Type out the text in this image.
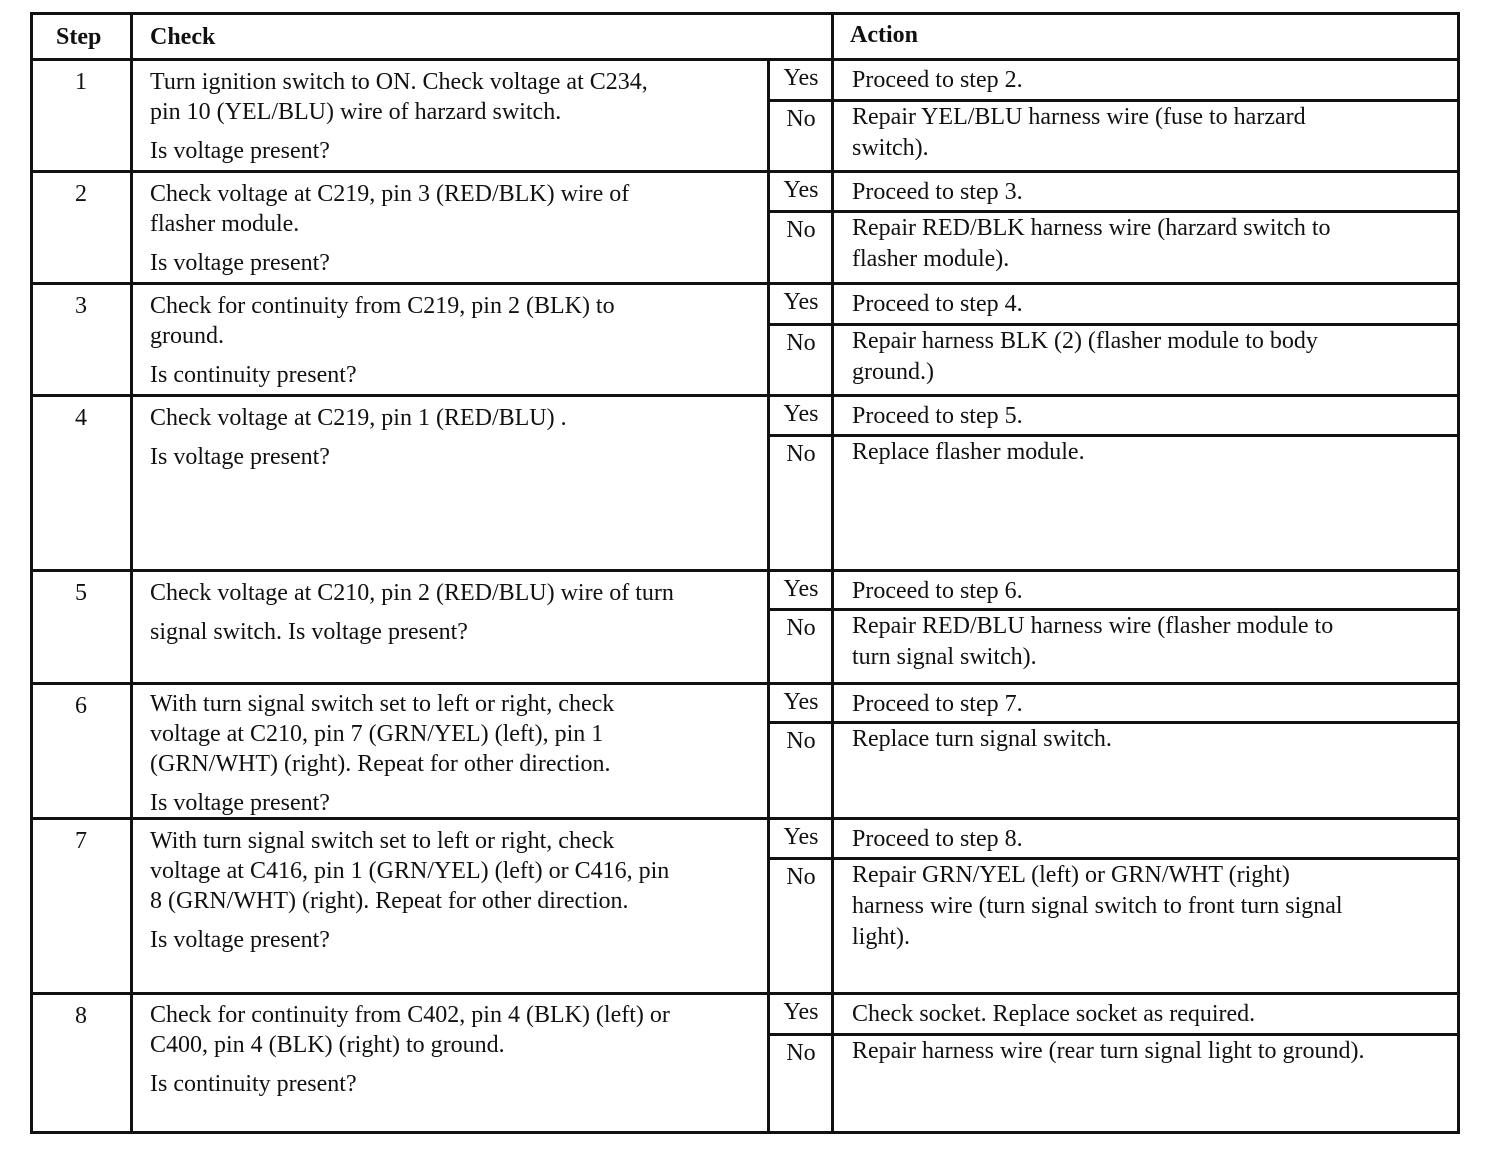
Step Check	Action
1	Turn ignition switch to ON. Check voltage at C234,
pin 10 (YEL/BLU) wire of harzard switch.
Is voltage present?
Yes	Proceed to step 2.
No	Repair YEL/BLU harness wire (fuse to harzard
switch).
2	Check voltage at C219, pin 3 (RED/BLK) wire of
flasher module.
Is voltage present?
Yes	Proceed to step 3.
No	Repair RED/BLK harness wire (harzard switch to
flasher module).
3	Check for continuity from C219, pin 2 (BLK) to
ground.
Is continuity present?
Yes	Proceed to step 4.
No	Repair harness BLK (2) (flasher module to body
ground.)
4	Check voltage at C219, pin 1 (RED/BLU) .
Is voltage present?
Yes	Proceed to step 5.
No	Replace flasher module.
5	Check voltage at C210, pin 2 (RED/BLU) wire of turn
signal switch. Is voltage present?
Yes	Proceed to step 6.
No	Repair RED/BLU harness wire (flasher module to
turn signal switch).
6	With turn signal switch set to left or right, check
voltage at C210, pin 7 (GRN/YEL) (left), pin 1
(GRN/WHT) (right). Repeat for other direction.
Is voltage present?
Yes	Proceed to step 7.
No	Replace turn signal switch.
7	With turn signal switch set to left or right, check
voltage at C416, pin 1 (GRN/YEL) (left) or C416, pin
8 (GRN/WHT) (right). Repeat for other direction.
Is voltage present?
Yes	Proceed to step 8.
No	Repair GRN/YEL (left) or GRN/WHT (right)
harness wire (turn signal switch to front turn signal
light).
8	Check for continuity from C402, pin 4 (BLK) (left) or
C400, pin 4 (BLK) (right) to ground.
Is continuity present?
Yes	Check socket. Replace socket as required.
No	Repair harness wire (rear turn signal light to ground).
